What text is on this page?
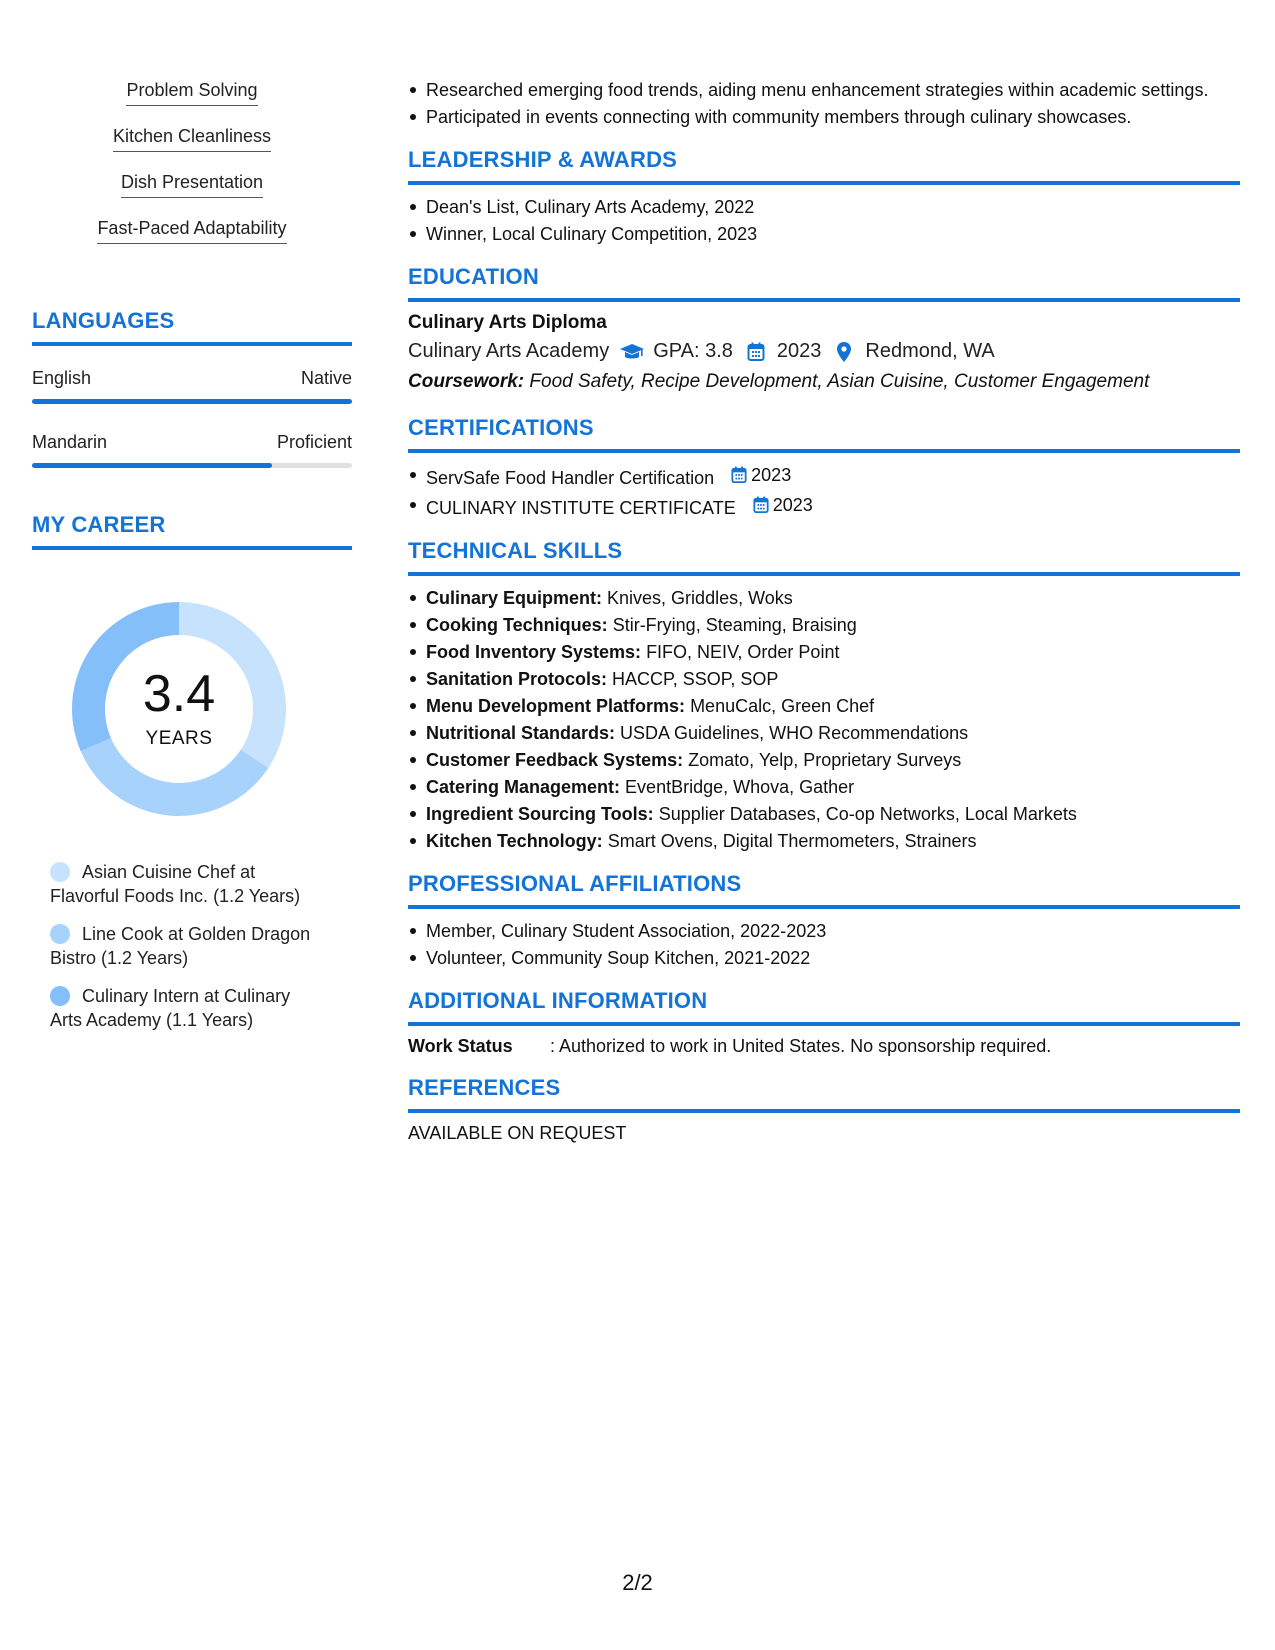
Problem Solving
Kitchen Cleanliness
Dish Presentation
Fast-Paced Adaptability
LANGUAGES
English	Native
Mandarin	Proficient
MY CAREER
3.4
YEARS
Asian Cuisine Chef at Flavorful Foods Inc. (1.2 Years)
Line Cook at Golden Dragon Bistro (1.2 Years)
Culinary Intern at Culinary Arts Academy (1.1 Years)
Researched emerging food trends, aiding menu enhancement strategies within academic settings.
Participated in events connecting with community members through culinary showcases.
LEADERSHIP & AWARDS
Dean's List, Culinary Arts Academy, 2022
Winner, Local Culinary Competition, 2023
EDUCATION
Culinary Arts Diploma
Culinary Arts Academy GPA: 3.8 2023 Redmond, WA
Coursework: Food Safety, Recipe Development, Asian Cuisine, Customer Engagement
CERTIFICATIONS
ServSafe Food Handler Certification 2023
CULINARY INSTITUTE CERTIFICATE 2023
TECHNICAL SKILLS
Culinary Equipment: Knives, Griddles, Woks
Cooking Techniques: Stir-Frying, Steaming, Braising
Food Inventory Systems: FIFO, NEIV, Order Point
Sanitation Protocols: HACCP, SSOP, SOP
Menu Development Platforms: MenuCalc, Green Chef
Nutritional Standards: USDA Guidelines, WHO Recommendations
Customer Feedback Systems: Zomato, Yelp, Proprietary Surveys
Catering Management: EventBridge, Whova, Gather
Ingredient Sourcing Tools: Supplier Databases, Co-op Networks, Local Markets
Kitchen Technology: Smart Ovens, Digital Thermometers, Strainers
PROFESSIONAL AFFILIATIONS
Member, Culinary Student Association, 2022-2023
Volunteer, Community Soup Kitchen, 2021-2022
ADDITIONAL INFORMATION
Work Status	: Authorized to work in United States. No sponsorship required.
REFERENCES
AVAILABLE ON REQUEST
2/2
